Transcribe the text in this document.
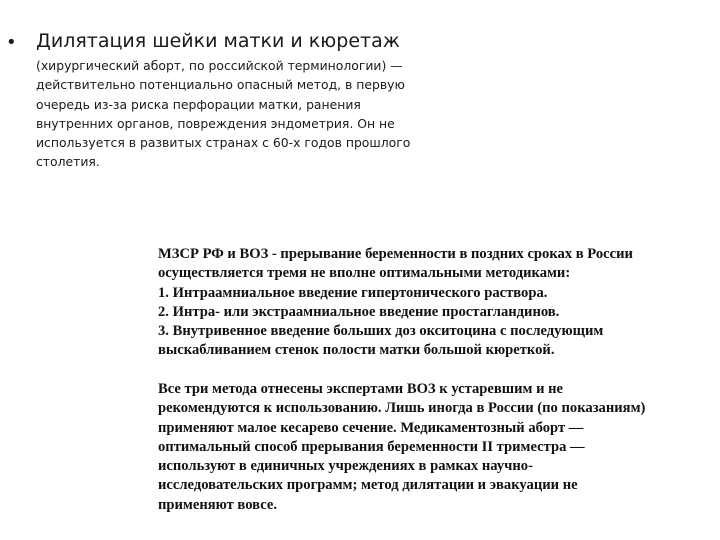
• Дилятация шейки матки и кюретаж

(хирургический аборт, по российской терминологии) —
действительно потенциально опасный метод, в первую
очередь из-за риска перфорации матки, ранения
внутренних органов, повреждения эндометрия. Он не
используется в развитых странах с 60-х годов прошлого
столетия.

МЗСР РФ и ВОЗ - прерывание беременности в поздних сроках в России
осуществляется тремя не вполне оптимальными методиками:
1. Интраамниальное введение гипертонического раствора.
2. Интра- или экстраамниальное введение простагландинов.
3. Внутривенное введение больших доз окситоцина с последующим
выскабливанием стенок полости матки большой кюреткой.

Все три метода отнесены экспертами ВОЗ к устаревшим и не
рекомендуются к использованию. Лишь иногда в России (по показаниям)
применяют малое кесарево сечение. Медикаментозный аборт —
оптимальный способ прерывания беременности II триместра —
используют в единичных учреждениях в рамках научно-
исследовательских программ; метод дилятации и эвакуации не
применяют вовсе.
